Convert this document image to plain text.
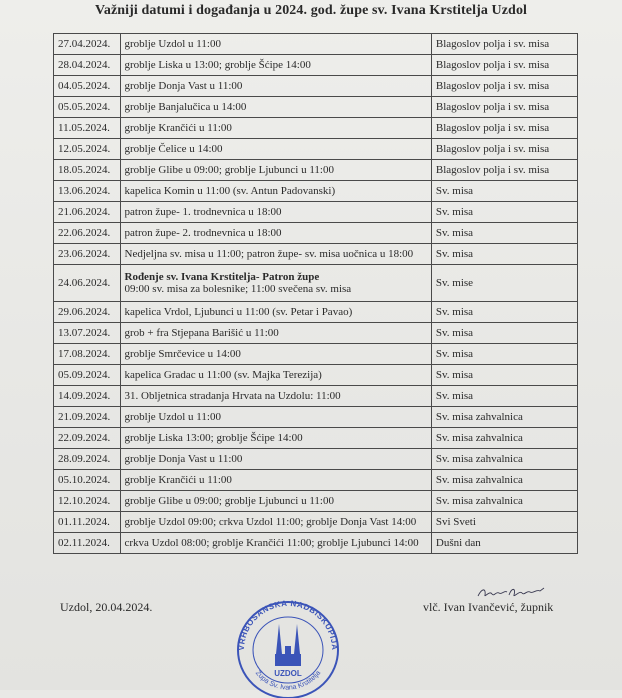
Važniji datumi i događanja u 2024. god. župe sv. Ivana Krstitelja Uzdol
27.04.2024.	groblje Uzdol u 11:00	Blagoslov polja i sv. misa
28.04.2024.	groblje Liska u 13:00; groblje Šćipe 14:00	Blagoslov polja i sv. misa
04.05.2024.	groblje Donja Vast u 11:00	Blagoslov polja i sv. misa
05.05.2024.	groblje Banjalučica u 14:00	Blagoslov polja i sv. misa
11.05.2024.	groblje Krančići u 11:00	Blagoslov polja i sv. misa
12.05.2024.	groblje Čelice u 14:00	Blagoslov polja i sv. misa
18.05.2024.	groblje Glibe u 09:00; groblje Ljubunci u 11:00	Blagoslov polja i sv. misa
13.06.2024.	kapelica Komin u 11:00 (sv. Antun Padovanski)	Sv. misa
21.06.2024.	patron župe- 1. trodnevnica u 18:00	Sv. misa
22.06.2024.	patron župe- 2. trodnevnica u 18:00	Sv. misa
23.06.2024.	Nedjeljna sv. misa u 11:00; patron župe- sv. misa uočnica u 18:00	Sv. misa
24.06.2024.	Rođenje sv. Ivana Krstitelja- Patron župe
09:00 sv. misa za bolesnike; 11:00 svečena sv. misa	Sv. mise
29.06.2024.	kapelica Vrdol, Ljubunci u 11:00 (sv. Petar i Pavao)	Sv. misa
13.07.2024.	grob + fra Stjepana Barišić u 11:00	Sv. misa
17.08.2024.	groblje Smrčevice u 14:00	Sv. misa
05.09.2024.	kapelica Gradac u 11:00 (sv. Majka Terezija)	Sv. misa
14.09.2024.	31. Obljetnica stradanja Hrvata na Uzdolu: 11:00	Sv. misa
21.09.2024.	groblje Uzdol u 11:00	Sv. misa zahvalnica
22.09.2024.	groblje Liska 13:00; groblje Šćipe 14:00	Sv. misa zahvalnica
28.09.2024.	groblje Donja Vast u 11:00	Sv. misa zahvalnica
05.10.2024.	groblje Krančići u 11:00	Sv. misa zahvalnica
12.10.2024.	groblje Glibe u 09:00; groblje Ljubunci u 11:00	Sv. misa zahvalnica
01.11.2024.	groblje Uzdol 09:00; crkva Uzdol 11:00; groblje Donja Vast 14:00	Svi Sveti
02.11.2024.	crkva Uzdol 08:00; groblje Krančići 11:00; groblje Ljubunci 14:00	Dušni dan
Uzdol, 20.04.2024.	vlč. Ivan Ivančević, župnik
VRHBOSANSKA NADBISKUPIJA
Župa Sv. Ivana Krstitelja
UZDOL
